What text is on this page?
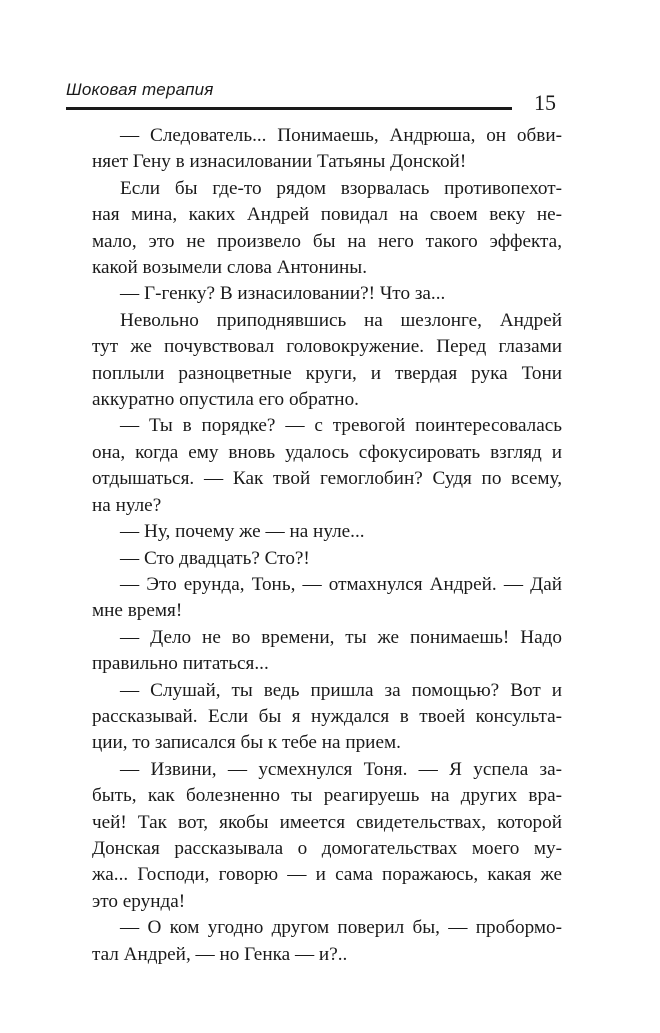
Шоковая терапия
15

— Следователь... Понимаешь, Андрюша, он обви-
няет Гену в изнасиловании Татьяны Донской!

Если бы где-то рядом взорвалась противопехот-
ная мина, каких Андрей повидал на своем веку не-
мало, это не произвело бы на него такого эффекта,
какой возымели слова Антонины.

— Г-генку? В изнасиловании?! Что за...

Невольно приподнявшись на шезлонге, Андрей
тут же почувствовал головокружение. Перед глазами
поплыли разноцветные круги, и твердая рука Тони
аккуратно опустила его обратно.

— Ты в порядке? — с тревогой поинтересовалась
она, когда ему вновь удалось сфокусировать взгляд и
отдышаться. — Как твой гемоглобин? Судя по всему,
на нуле?

— Ну, почему же — на нуле...

— Сто двадцать? Сто?!

— Это ерунда, Тонь, — отмахнулся Андрей. — Дай
мне время!

— Дело не во времени, ты же понимаешь! Надо
правильно питаться...

— Слушай, ты ведь пришла за помощью? Вот и
рассказывай. Если бы я нуждался в твоей консульта-
ции, то записался бы к тебе на прием.

— Извини, — усмехнулся Тоня. — Я успела за-
быть, как болезненно ты реагируешь на других вра-
чей! Так вот, якобы имеется свидетельствах, которой
Донская рассказывала о домогательствах моего му-
жа... Господи, говорю — и сама поражаюсь, какая же
это ерунда!

— О ком угодно другом поверил бы, — пробормо-
тал Андрей, — но Генка — и?..
